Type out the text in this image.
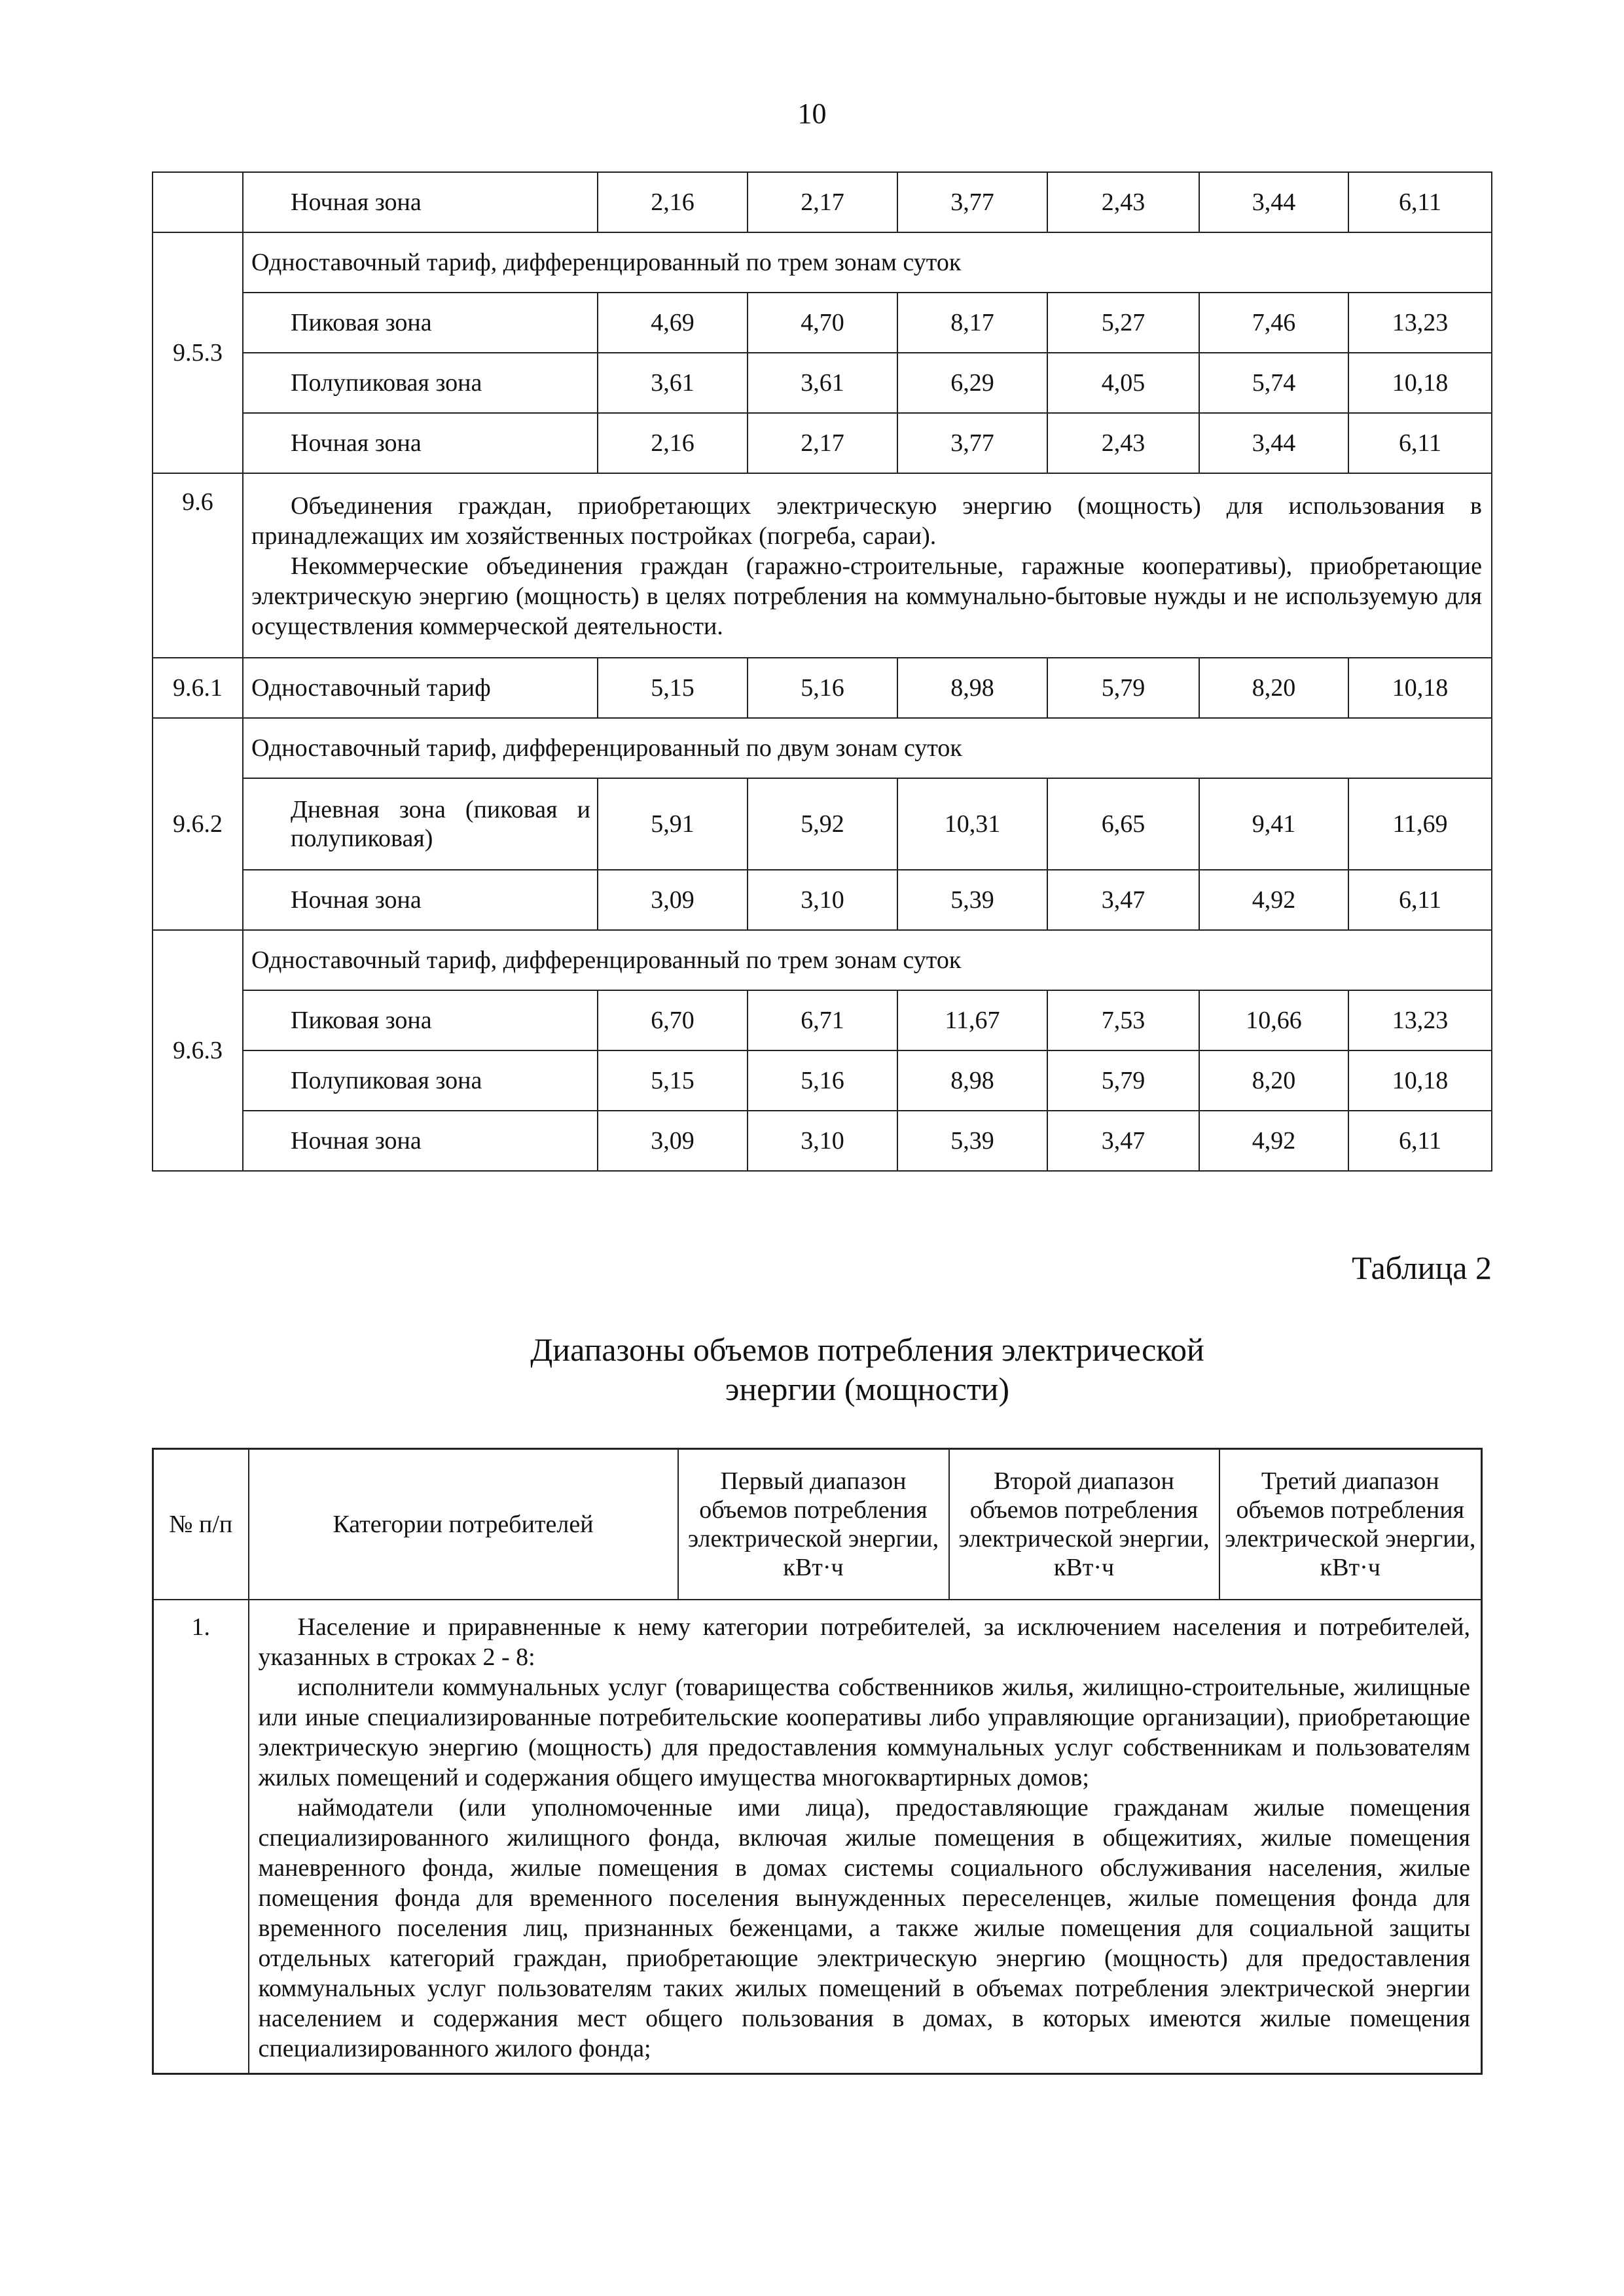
10
	Ночная зона	2,16	2,17	3,77	2,43	3,44	6,11
9.5.3	Одноставочный тариф, дифференцированный по трем зонам суток						
	Пиковая зона	4,69	4,70	8,17	5,27	7,46	13,23
	Полупиковая зона	3,61	3,61	6,29	4,05	5,74	10,18
	Ночная зона	2,16	2,17	3,77	2,43	3,44	6,11
9.6	Объединения граждан, приобретающих электрическую энергию (мощность) для использования в принадлежащих им хозяйственных постройках (погреба, сараи).
Некоммерческие объединения граждан (гаражно-строительные, гаражные кооперативы), приобретающие электрическую энергию (мощность) в целях потребления на коммунально-бытовые нужды и не используемую для осуществления коммерческой деятельности.						

9.6.1	Одноставочный тариф	5,15	5,16	8,98	5,79	8,20	10,18
9.6.2	Одноставочный тариф, дифференцированный по двум зонам суток						
	Дневная зона (пиковая и полупиковая)	5,91	5,92	10,31	6,65	9,41	11,69
	Ночная зона	3,09	3,10	5,39	3,47	4,92	6,11
9.6.3	Одноставочный тариф, дифференцированный по трем зонам суток						
	Пиковая зона	6,70	6,71	11,67	7,53	10,66	13,23
	Полупиковая зона	5,15	5,16	8,98	5,79	8,20	10,18
	Ночная зона	3,09	3,10	5,39	3,47	4,92	6,11
Таблица 2
Диапазоны объемов потребления электрической
энергии (мощности)
№ п/п	Категории потребителей	Первый диапазон объемов потребления электрической энергии, кВт·ч	Второй диапазон объемов потребления электрической энергии, кВт·ч	Третий диапазон объемов потребления электрической энергии, кВт·ч
1.	Население и приравненные к нему категории потребителей, за исключением населения и потребителей, указанных в строках 2 - 8:
исполнители коммунальных услуг (товарищества собственников жилья, жилищно-строительные, жилищные или иные специализированные потребительские кооперативы либо управляющие организации), приобретающие электрическую энергию (мощность) для предоставления коммунальных услуг собственникам и пользователям жилых помещений и содержания общего имущества многоквартирных домов;
наймодатели (или уполномоченные ими лица), предоставляющие гражданам жилые помещения специализированного жилищного фонда, включая жилые помещения в общежитиях, жилые помещения маневренного фонда, жилые помещения в домах системы социального обслуживания населения, жилые помещения фонда для временного поселения вынужденных переселенцев, жилые помещения фонда для временного поселения лиц, признанных беженцами, а также жилые помещения для социальной защиты отдельных категорий граждан, приобретающие электрическую энергию (мощность) для предоставления коммунальных услуг пользователям таких жилых помещений в объемах потребления электрической энергии населением и содержания мест общего пользования в домах, в которых имеются жилые помещения специализированного жилого фонда;			
